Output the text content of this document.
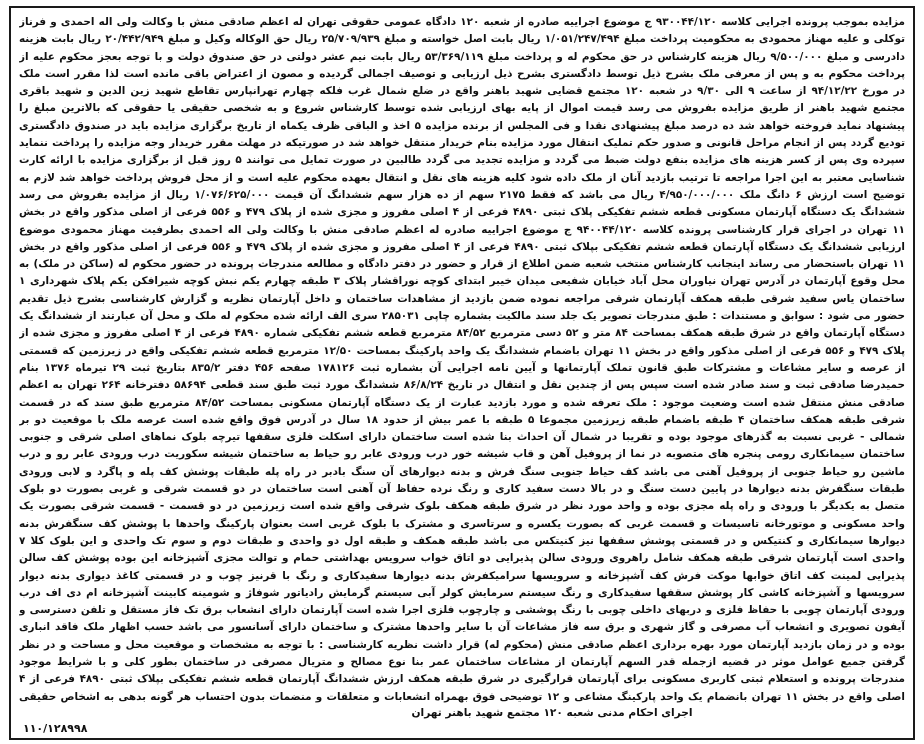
مزایده بموجب پرونده اجرایی کلاسه ۹۳۰۰۴۴/۱۲۰ ج موضوع اجراییه صادره از شعبه ۱۲۰ دادگاه عمومی حقوقی تهران له اعظم صادقی منش با وکالت ولی اله احمدی و فرناز توکلی و علیه مهناز محمودی به محکومیت پرداخت مبلغ ۱/۰۵۱/۲۴۷/۴۹۴ ریال بابت اصل خواسته و مبلغ ۲۵/۷۰۹/۹۳۹ ریال حق الوکاله وکیل و مبلغ ۲۰/۴۴۲/۹۴۹ ریال بابت هزینه دادرسی و مبلغ ۹/۵۰۰/۰۰۰ ریال هزینه کارشناس در حق محکوم له و پرداخت مبلغ ۵۳/۳۶۹/۱۱۹ ریال بابت نیم عشر دولتی در حق صندوق دولت و با توجه بعجز محکوم علیه از پرداخت محکوم به و پس از معرفی ملک بشرح ذیل توسط دادگستری بشرح ذیل ارزیابی و توصیف اجمالی گردیده و مصون از اعتراض باقی مانده است لذا مقرر است ملک در مورخ ۹۴/۱۲/۲۲ از ساعت ۹ الی ۹/۳۰ در شعبه ۱۲۰ مجتمع قضایی شهید باهنر واقع در ضلع شمال غرب فلکه چهارم تهرانپارس تقاطع شهید زین الدین و شهید باقری مجتمع شهید باهنر از طریق مزایده بفروش می رسد قیمت اموال از پایه بهای ارزیابی شده توسط کارشناس شروع و به شخصی حقیقی یا حقوقی که بالاترین مبلغ را پیشنهاد نماید فروخته خواهد شد ده درصد مبلغ پیشنهادی نقدا و فی المجلس از برنده مزایده ۵ اخذ و الباقی ظرف یکماه از تاریخ برگزاری مزایده باید در صندوق دادگستری تودیع گردد پس از انجام مراحل قانونی و صدور حکم تملیک انتقال مورد مزایده بنام خریدار منتقل خواهد شد در صورتیکه در مهلت مقرر خریدار وجه مزایده را پرداخت ننماید سپرده وی پس از کسر هزینه های مزایده بنفع دولت ضبط می گردد و مزایده تجدید می گردد طالبین در صورت تمایل می توانند ۵ روز قبل از برگزاری مزایده با ارائه کارت شناسایی معتبر به این اجرا مراجعه تا ترتیب بازدید آنان از ملک داده شود کلیه هزینه های نقل و انتقال بعهده محکوم علیه است و از محل فروش پرداخت خواهد شد لازم به توضیح است ارزش ۶ دانگ ملک ۴/۹۵۰/۰۰۰/۰۰۰ ریال می باشد که فقط ۲۱۷۵ سهم از ده هزار سهم ششدانگ آن قیمت ۱/۰۷۶/۶۲۵/۰۰۰ ریال از مزایده بفروش می رسد ششدانگ یک دستگاه آپارتمان مسکونی قطعه ششم تفکیکی پلاک ثبتی ۴۸۹۰ فرعی از ۴ اصلی مفروز و مجزی شده از پلاک ۴۷۹ و ۵۵۶ فرعی از اصلی مذکور واقع در بخش ۱۱ تهران در اجرای قرار کارشناسی پرونده کلاسه ۹۴۰۰۴۴/۱۲۰ ج موضوع اجراییه صادره له اعظم صادقی منش با وکالت ولی اله احمدی بطرفیت مهناز محمودی موضوع ارزیابی ششدانگ یک دستگاه آپارتمان قطعه ششم تفکیکی بپلاک ثبتی ۴۸۹۰ فرعی از ۴ اصلی مفروز و مجزی شده از پلاک ۴۷۹ و ۵۵۶ فرعی از اصلی مذکور واقع در بخش ۱۱ تهران باستحضار می رساند اینجانب کارشناس منتخب شعبه ضمن اطلاع از قرار و حضور در دفتر دادگاه و مطالعه مندرجات پرونده در حضور محکوم له (ساکن در ملک) به محل وقوع آپارتمان در آدرس تهران نیاوران محل آباد خیابان شفیعی میدان خیبر ابتدای کوچه نوراقشار پلاک ۳ طبقه چهارم یکم نبش کوچه شیرافکن یکم پلاک شهرداری ۱ ساختمان یاس سفید شرقی طبقه همکف آپارتمان شرقی مراجعه نموده ضمن بازدید از مشاهدات ساختمان و داخل آپارتمان نظریه و گزارش کارشناسی بشرح ذیل تقدیم حضور می شود : سوابق و مستندات : طبق مندرجات تصویر یک جلد سند مالکیت بشماره چاپی ۲۸۵۰۳۱ سری الف ارائه شده محکوم له ملک و محل آن عبارتند از ششدانگ یک دستگاه آپارتمان واقع در شرق طبقه همکف بمساحت ۸۴ متر و ۵۲ دسی مترمربع ۸۴/۵۲ مترمربع قطعه ششم تفکیکی شماره ۴۸۹۰ فرعی از ۴ اصلی مفروز و مجزی شده از پلاک ۴۷۹ و ۵۵۶ فرعی از اصلی مذکور واقع در بخش ۱۱ تهران باضمام ششدانگ یک واحد پارکینگ بمساحت ۱۲/۵۰ مترمربع قطعه ششم تفکیکی واقع در زیرزمین که قسمتی از عرصه و سایر مشاعات و مشترکات طبق قانون تملک آپارتمانها و آیین نامه اجرایی آن بشماره ثبت ۱۷۸۱۲۶ صفحه ۴۵۶ دفتر ۸۳۵/۲ بتاریخ ثبت ۲۹ تیرماه ۱۳۷۶ بنام حمیدرضا صادقی ثبت و سند صادر شده است سپس پس از چندین نقل و انتقال در تاریخ ۸۶/۸/۲۴ ششدانگ مورد ثبت طبق سند قطعی ۵۸۶۹۴ دفترخانه ۲۶۴ تهران به اعظم صادقی منش منتقل شده است وضعیت موجود : ملک تعرفه شده و مورد بازدید عبارت از یک دستگاه آپارتمان مسکونی بمساحت ۸۴/۵۲ مترمربع طبق سند که در قسمت شرقی طبقه همکف ساختمان ۴ طبقه باضمام طبقه زیرزمین مجموعا ۵ طبقه با عمر بیش از حدود ۱۸ سال در آدرس فوق واقع شده است عرصه ملک با موقعیت دو بر شمالی - غربی نسبت به گذرهای موجود بوده و تقریبا در شمال آن احداث بنا شده است ساختمان دارای اسکلت فلزی سقفها تیرچه بلوک نماهای اصلی شرقی و جنوبی ساختمان سیمانکاری رومی پنجره های متصوبه در نما از پروفیل آهن و قاب شیشه خور درب ورودی عابر رو حیاط به ساختمان شیشه سکوریت درب ورودی عابر رو و درب ماشین رو حیاط جنوبی از پروفیل آهنی می باشد کف حیاط جنوبی سنگ فرش و بدنه دیوارهای آن سنگ بادبر در راه پله طبقات پوشش کف پله و پاگرد و لابی ورودی طبقات سنگفرش بدنه دیوارها در پایین دست سنگ و در بالا دست سفید کاری و رنگ نرده حفاظ آن آهنی است ساختمان در دو قسمت شرقی و غربی بصورت دو بلوک متصل به یکدیگر با ورودی و راه پله مجزی بوده و واحد مورد نظر در شرق طبقه همکف بلوک شرقی واقع شده است زیرزمین در دو قسمت - قسمت شرقی بصورت یک واحد مسکونی و موتورخانه تاسیسات و قسمت غربی که بصورت یکسره و سرتاسری و مشترک با بلوک غربی است بعنوان پارکینگ واحدها با پوشش کف سنگفرش بدنه دیوارها سیمانکاری و کنتیکس و در قسمتی پوشش سقفها نیز کنیتکس می باشد طبقه همکف و طبقه اول دو واحدی و طبقات دوم و سوم تک واحدی و این بلوک کلا ۷ واحدی است آپارتمان شرقی طبقه همکف شامل راهروی ورودی سالن پذیرایی دو اتاق خواب سرویس بهداشتی حمام و توالت مجزی آشپزخانه این بوده پوشش کف سالن پذیرایی لمینت کف اتاق خوابها موکت فرش کف آشپزخانه و سرویسها سرامیکفرش بدنه دیوارها سفیدکاری و رنگ با قرنیز چوب و در قسمتی کاغذ دیواری بدنه دیوار سرویسها و آشپزخانه کاشی کار پوشش سقفها سفیدکاری و رنگ سیستم سرمایش کولر آبی سیستم گرمایش رادیاتور شوفاژ و شومینه کابینت آشپزخانه ام دی اف درب ورودی آپارتمان چوبی با حفاظ فلزی و دربهای داخلی چوبی با رنگ پوششی و چارچوب فلزی اجرا شده است آپارتمان دارای انشعاب برق تک فاز مستقل و تلفن دسترسی و آیفون تصویری و انشعاب آب مصرفی و گاز شهری و برق سه فاز مشاعات آن با سایر واحدها مشترک و ساختمان دارای آسانسور می باشد حسب اظهار ملک فاقد انباری بوده و در زمان بازدید آپارتمان مورد بهره برداری اعظم صادقی منش (محکوم له) قرار داشت نظریه کارشناسی : با توجه به مشخصات و موقعیت محل و مساحت و در نظر گرفتن جمیع عوامل موثر در قضیه ازجمله قدر السهم آپارتمان از مشاعات ساختمان عمر بنا نوع مصالح و متریال مصرفی در ساختمان بطور کلی و با شرایط موجود مندرجات پرونده و استعلام ثبتی کاربری مسکونی برای آپارتمان قرارگیری در شرق طبقه همکف ارزش ششدانگ آپارتمان قطعه ششم تفکیکی بپلاک ثبتی ۴۸۹۰ فرعی از ۴ اصلی واقع در بخش ۱۱ تهران بانضمام یک واحد پارکینگ مشاعی و ۱۲ توضیحی فوق بهمراه انشعابات و متعلقات و منضمات بدون احتساب هر گونه بدهی به اشخاص حقیقی

اجرای احکام مدنی شعبه ۱۲۰ مجتمع شهید باهنر تهران
۱۱۰/۱۲۸۹۹۸
